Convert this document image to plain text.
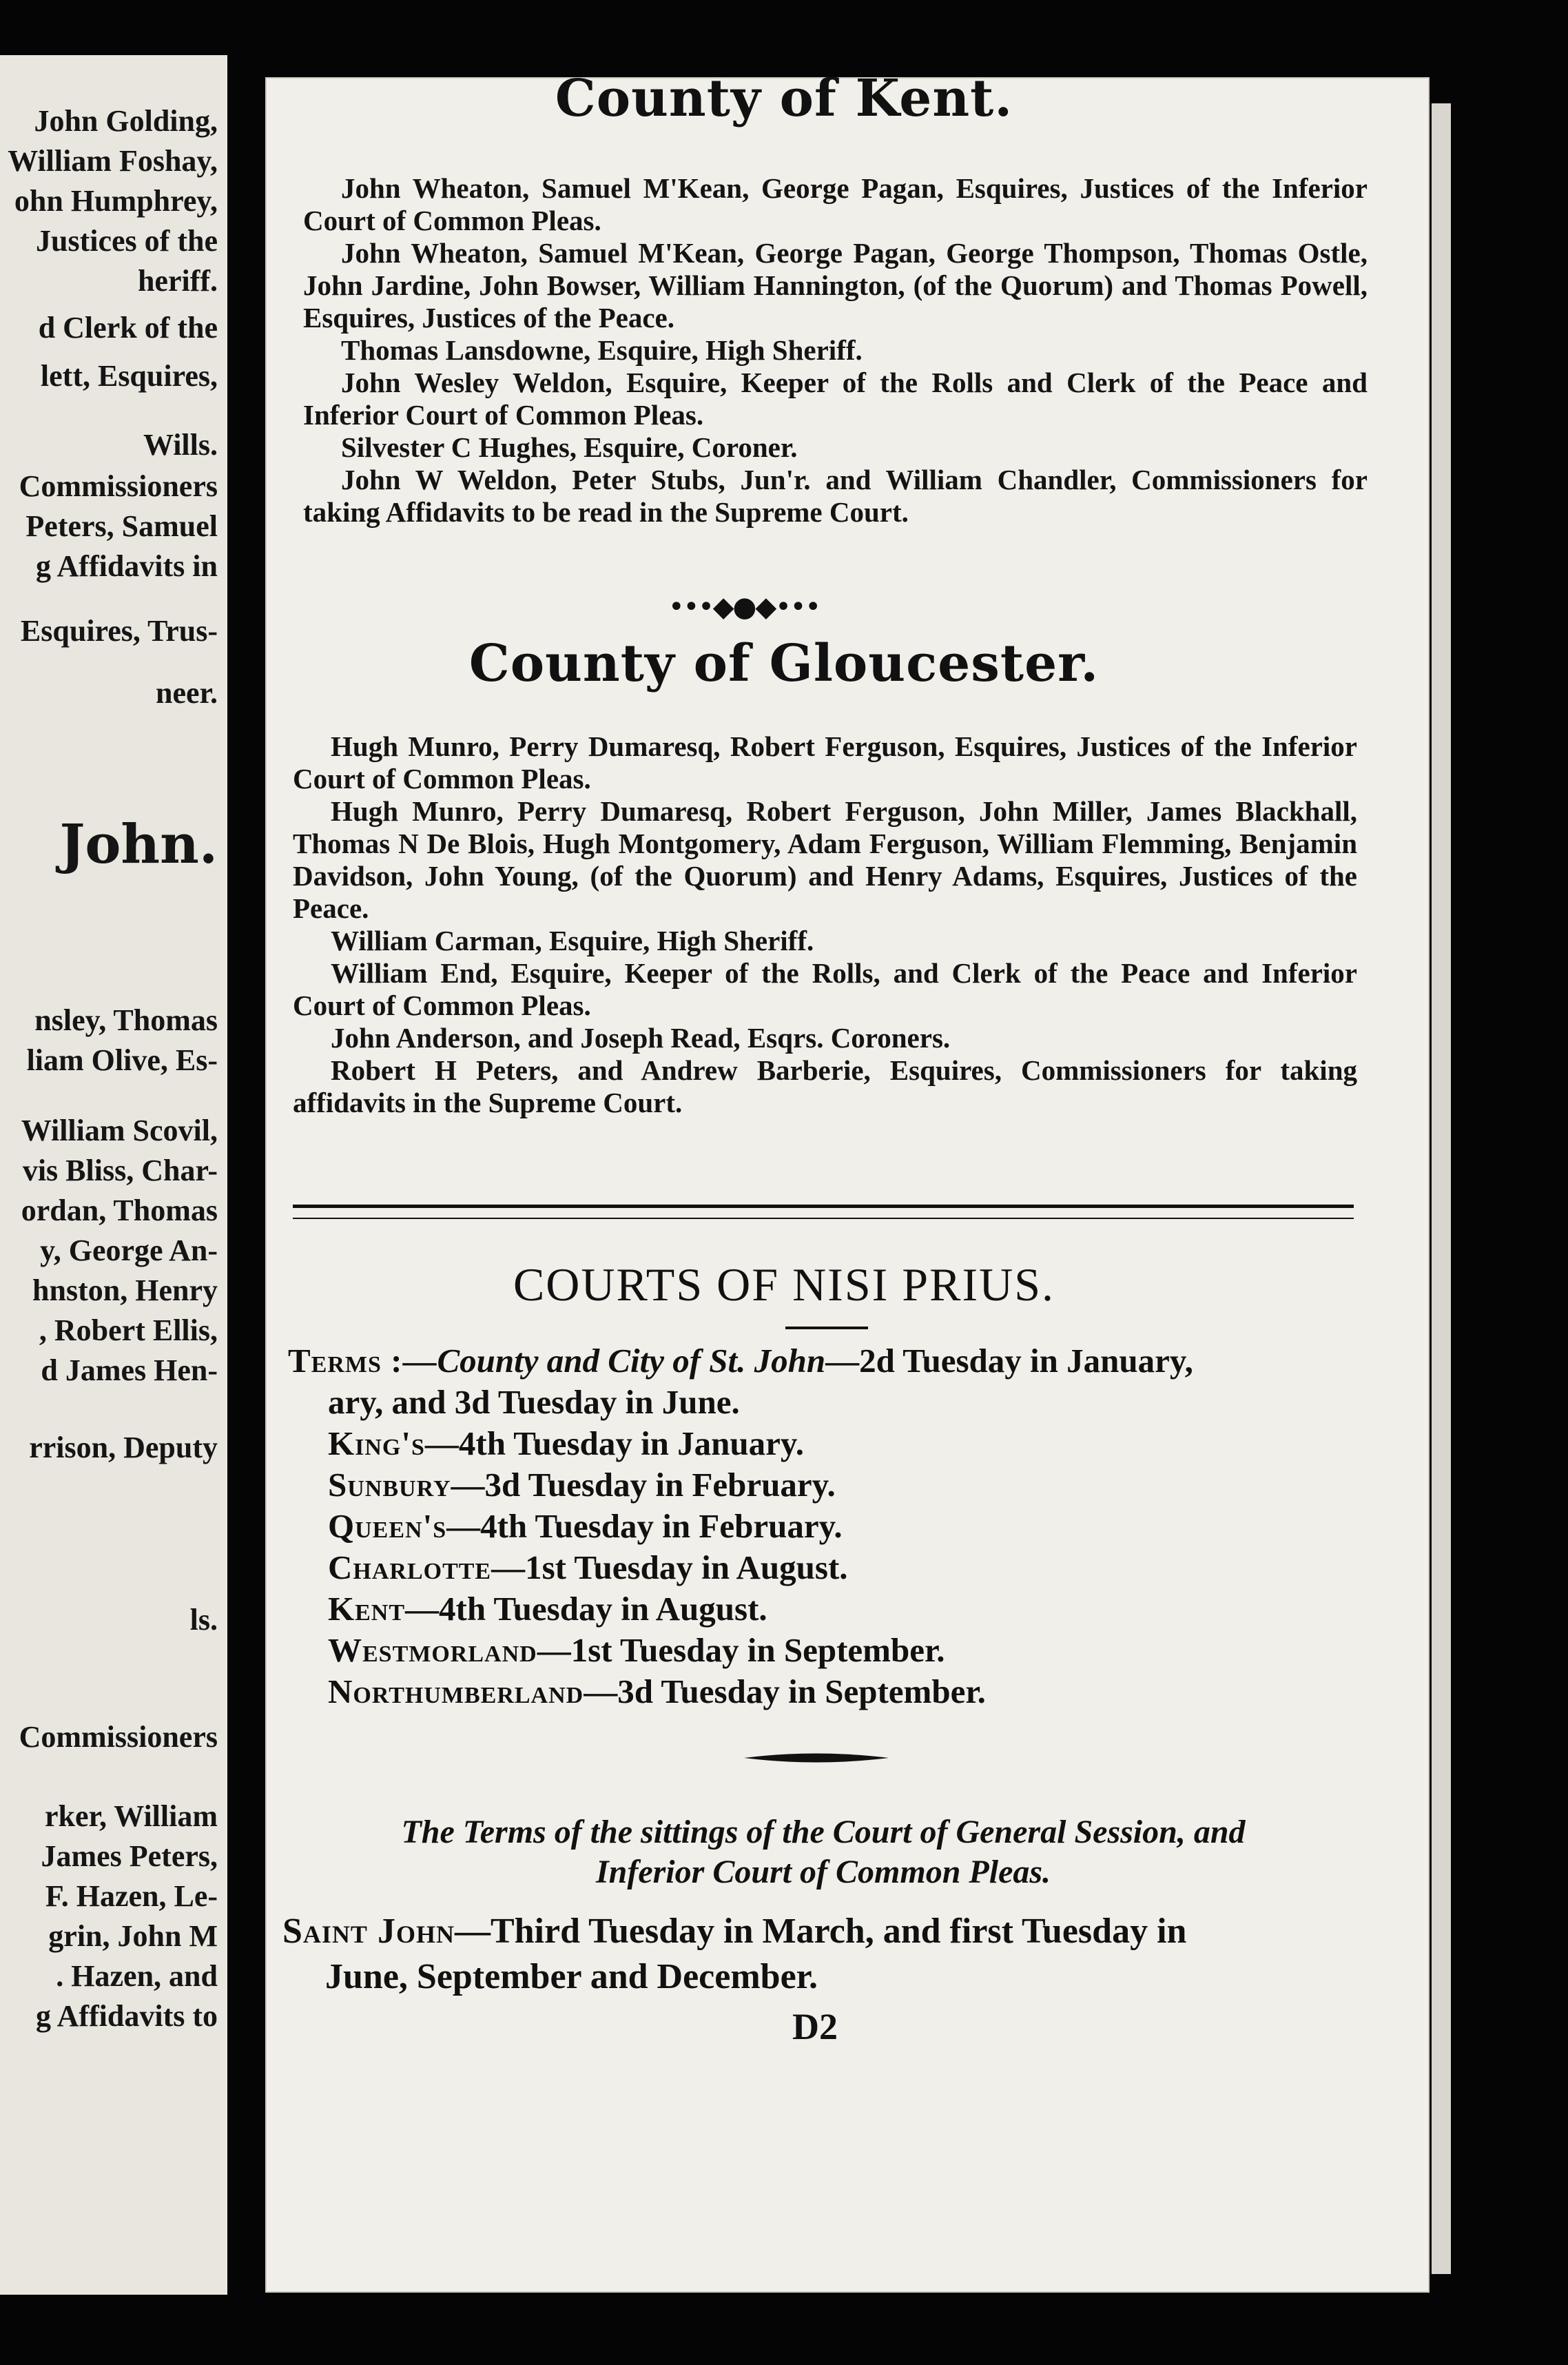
John Golding,
William Foshay,
ohn Humphrey,
Justices of the
heriff.
d Clerk of the
lett, Esquires,
Wills.
Commissioners
Peters, Samuel
g Affidavits in
Esquires, Trus-
neer.
John.
nsley, Thomas
liam Olive, Es-
William Scovil,
vis Bliss, Char-
ordan, Thomas
y, George An-
hnston, Henry
, Robert Ellis,
d James Hen-
rrison, Deputy
ls.
Commissioners
rker, William
James Peters,
F. Hazen, Le-
grin, John M
. Hazen, and
g Affidavits to
County of Kent.

John Wheaton, Samuel M'Kean, George Pagan, Esquires, Justices of the Inferior Court of Common Pleas.

John Wheaton, Samuel M'Kean, George Pagan, George Thompson, Thomas Ostle, John Jardine, John Bowser, William Hannington, (of the Quorum) and Thomas Powell, Esquires, Justices of the Peace.

Thomas Lansdowne, Esquire, High Sheriff.

John Wesley Weldon, Esquire, Keeper of the Rolls and Clerk of the Peace and Inferior Court of Common Pleas.

Silvester C Hughes, Esquire, Coroner.

John W Weldon, Peter Stubs, Jun'r. and William Chandler, Commissioners for taking Affidavits to be read in the Supreme Court.

•••◆●◆•••
County of Gloucester.

Hugh Munro, Perry Dumaresq, Robert Ferguson, Esquires, Justices of the Inferior Court of Common Pleas.

Hugh Munro, Perry Dumaresq, Robert Ferguson, John Miller, James Blackhall, Thomas N De Blois, Hugh Montgomery, Adam Ferguson, William Flemming, Benjamin Davidson, John Young, (of the Quorum) and Henry Adams, Esquires, Justices of the Peace.

William Carman, Esquire, High Sheriff.

William End, Esquire, Keeper of the Rolls, and Clerk of the Peace and Inferior Court of Common Pleas.

John Anderson, and Joseph Read, Esqrs. Coroners.

Robert H Peters, and Andrew Barberie, Esquires, Commissioners for taking affidavits in the Supreme Court.

COURTS OF NISI PRIUS.
Terms :—County and City of St. John—2d Tuesday in January,
ary, and 3d Tuesday in June.
King's—4th Tuesday in January.
Sunbury—3d Tuesday in February.
Queen's—4th Tuesday in February.
Charlotte—1st Tuesday in August.
Kent—4th Tuesday in August.
Westmorland—1st Tuesday in September.
Northumberland—3d Tuesday in September.
The Terms of the sittings of the Court of General Session, and
Inferior Court of Common Pleas.
Saint John—Third Tuesday in March, and first Tuesday in
June, September and December.
D2
